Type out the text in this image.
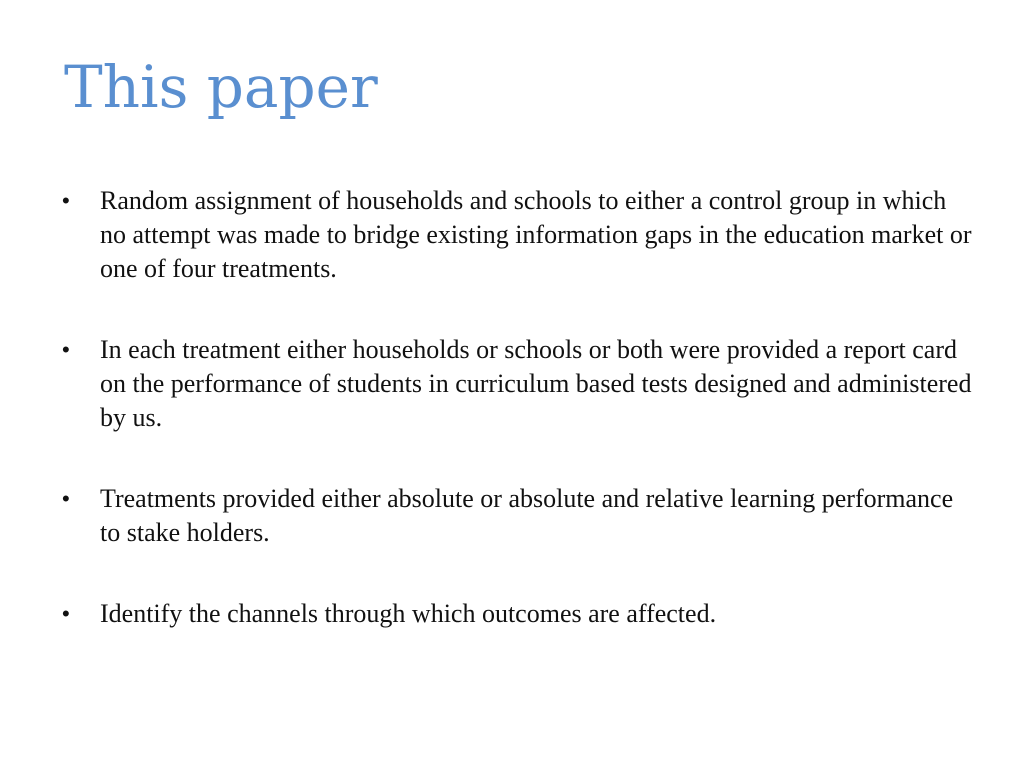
This paper
• Random assignment of households and schools to either a control group in which no attempt was made to bridge existing information gaps in the education market or one of four treatments.
• In each treatment either households or schools or both were provided a report card on the performance of students in curriculum based tests designed and administered by us.
• Treatments provided either absolute or absolute and relative learning performance to stake holders.
• Identify the channels through which outcomes are affected.
